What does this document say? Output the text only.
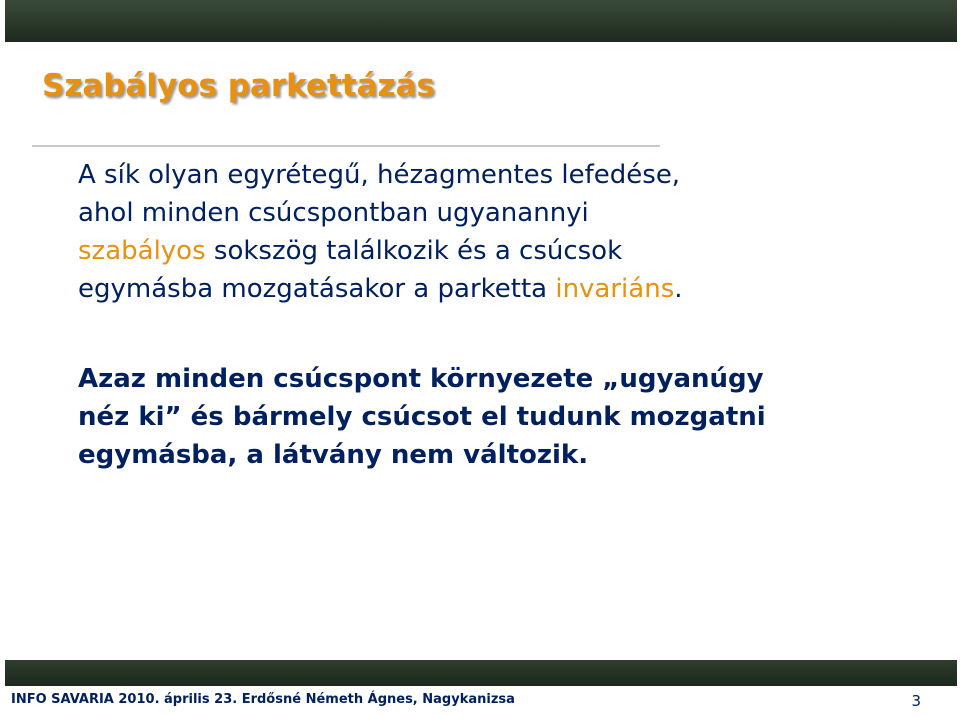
Szabályos parkettázás
A sík olyan egyrétegű, hézagmentes lefedése,
ahol minden csúcspontban ugyanannyi
szabályos sokszög találkozik és a csúcsok
egymásba mozgatásakor a parketta invariáns.
Azaz minden csúcspont környezete „ugyanúgy
néz ki” és bármely csúcsot el tudunk mozgatni
egymásba, a látvány nem változik.
INFO SAVARIA 2010. április 23. Erdősné Németh Ágnes, Nagykanizsa	3
